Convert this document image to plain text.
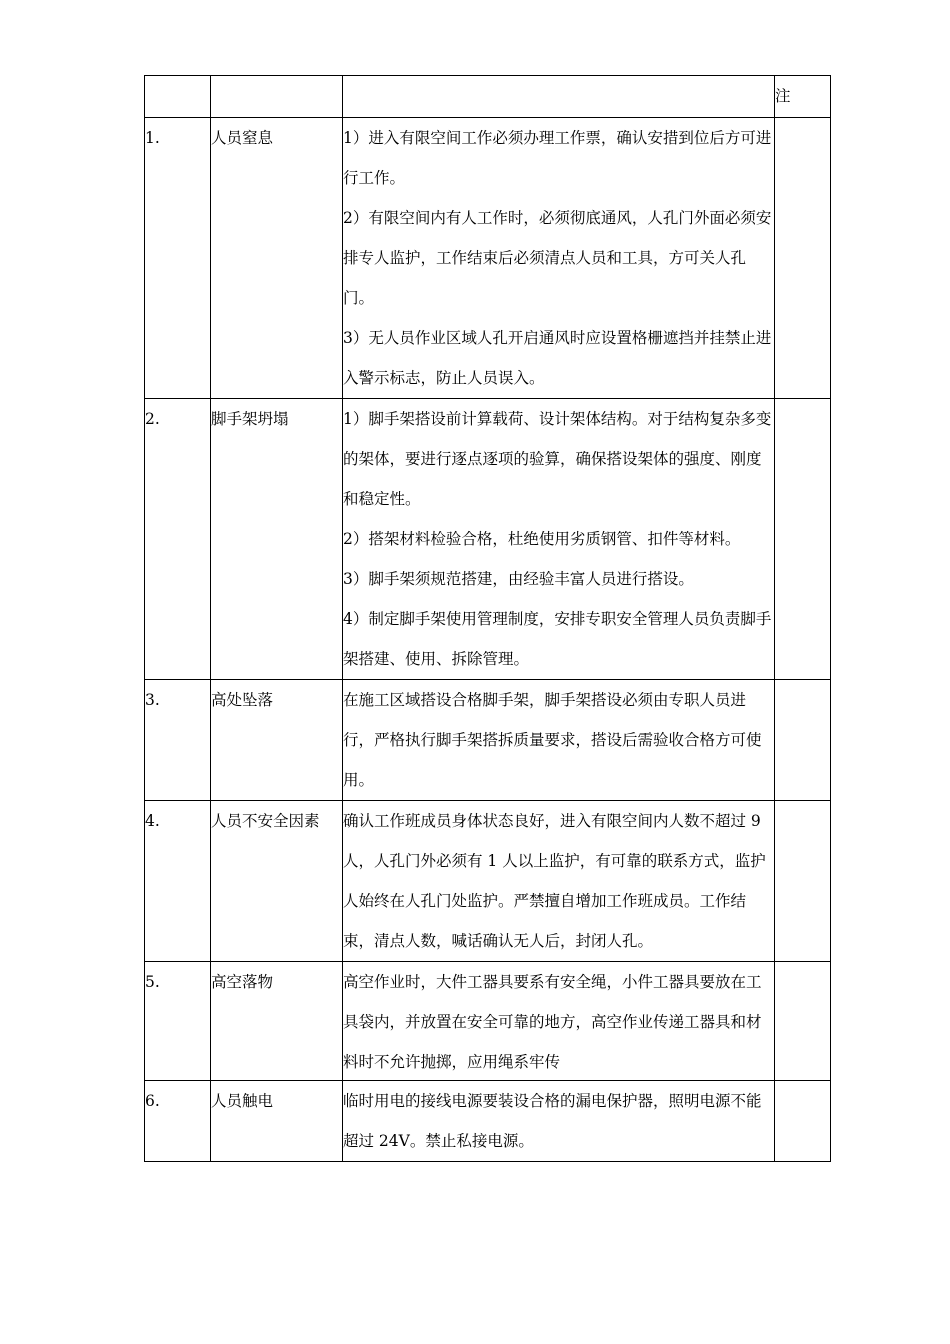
			注
1.	人员窒息	1）进入有限空间工作必须办理工作票，确认安措到位后方可进行工作。

2）有限空间内有人工作时，必须彻底通风，人孔门外面必须安排专人监护，工作结束后必须清点人员和工具，方可关人孔门。

3）无人员作业区域人孔开启通风时应设置格栅遮挡并挂禁止进入警示标志，防止人员误入。	

2.	脚手架坍塌	1）脚手架搭设前计算载荷、设计架体结构。对于结构复杂多变的架体，要进行逐点逐项的验算，确保搭设架体的强度、刚度和稳定性。

2）搭架材料检验合格，杜绝使用劣质钢管、扣件等材料。

3）脚手架须规范搭建，由经验丰富人员进行搭设。

4）制定脚手架使用管理制度，安排专职安全管理人员负责脚手架搭建、使用、拆除管理。	

3.	高处坠落	在施工区域搭设合格脚手架，脚手架搭设必须由专职人员进行，严格执行脚手架搭拆质量要求，搭设后需验收合格方可使用。	

4.	人员不安全因素	确认工作班成员身体状态良好，进入有限空间内人数不超过 9 人，人孔门外必须有 1 人以上监护，有可靠的联系方式，监护人始终在人孔门处监护。严禁擅自增加工作班成员。工作结束，清点人数，喊话确认无人后，封闭人孔。	

5.	高空落物	高空作业时，大件工器具要系有安全绳，小件工器具要放在工具袋内，并放置在安全可靠的地方，高空作业传递工器具和材料时不允许抛掷，应用绳系牢传	

6.	人员触电	临时用电的接线电源要装设合格的漏电保护器，照明电源不能超过 24V。禁止私接电源。	
